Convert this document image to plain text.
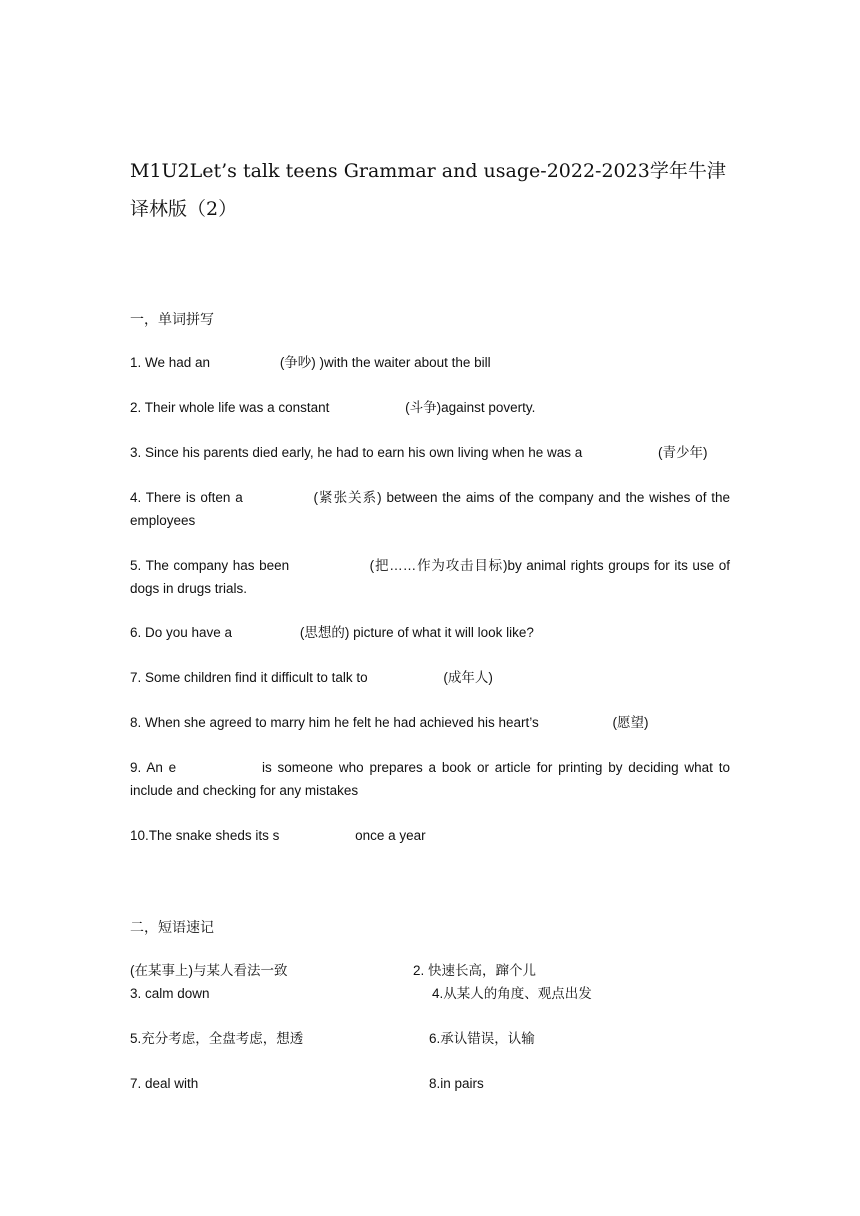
M1U2Let’s talk teens Grammar and usage-2022-2023学年牛津译林版（2）
一，单词拼写
1. We had an	(争吵) )with the waiter about the bill
2. Their whole life was a constant	(斗争)against poverty.
3. Since his parents died early, he had to earn his own living when he was a	(青少年)
4. There is often a	(紧张关系) between the aims of the company and the wishes of the employees
5. The company has been	(把……作为攻击目标)by animal rights groups for its use of dogs in drugs trials.
6. Do you have a	(思想的) picture of what it will look like?
7. Some children find it difficult to talk to	(成年人)
8. When she agreed to marry him he felt he had achieved his heart’s	(愿望)
9. An e	is someone who prepares a book or article for printing by deciding what to include and checking for any mistakes
10.The snake sheds its s	once a year
二，短语速记
(在某事上)与某人看法一致	2. 快速长高，蹿个儿
3. calm down	4.从某人的角度、观点出发
5.充分考虑，全盘考虑，想透	6.承认错误，认输
7. deal with	8.in pairs
